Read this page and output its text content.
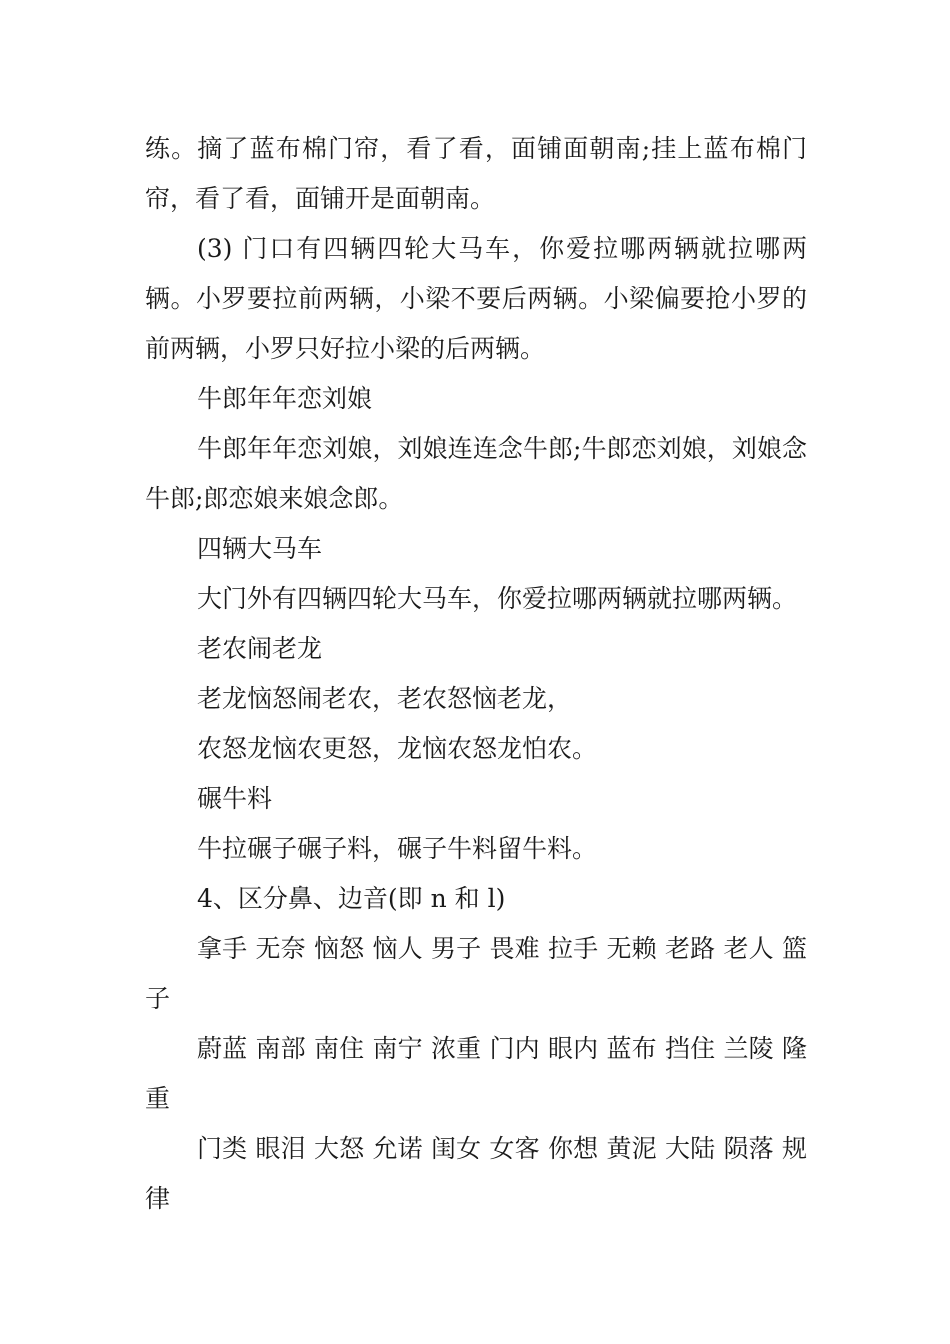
练。摘了蓝布棉门帘，看了看，面铺面朝南;挂上蓝布棉门帘，看了看，面铺开是面朝南。

(3) 门口有四辆四轮大马车，你爱拉哪两辆就拉哪两辆。小罗要拉前两辆，小梁不要后两辆。小梁偏要抢小罗的前两辆，小罗只好拉小梁的后两辆。

牛郎年年恋刘娘

牛郎年年恋刘娘，刘娘连连念牛郎;牛郎恋刘娘，刘娘念牛郎;郎恋娘来娘念郎。

四辆大马车

大门外有四辆四轮大马车，你爱拉哪两辆就拉哪两辆。

老农闹老龙

老龙恼怒闹老农，老农怒恼老龙，

农怒龙恼农更怒，龙恼农怒龙怕农。

碾牛料

牛拉碾子碾子料，碾子牛料留牛料。

4、区分鼻、边音(即 n 和 l)

拿手 无奈 恼怒 恼人 男子 畏难 拉手 无赖 老路 老人 篮子

蔚蓝 南部 南住 南宁 浓重 门内 眼内 蓝布 挡住 兰陵 隆重

门类 眼泪 大怒 允诺 闺女 女客 你想 黄泥 大陆 陨落 规律
